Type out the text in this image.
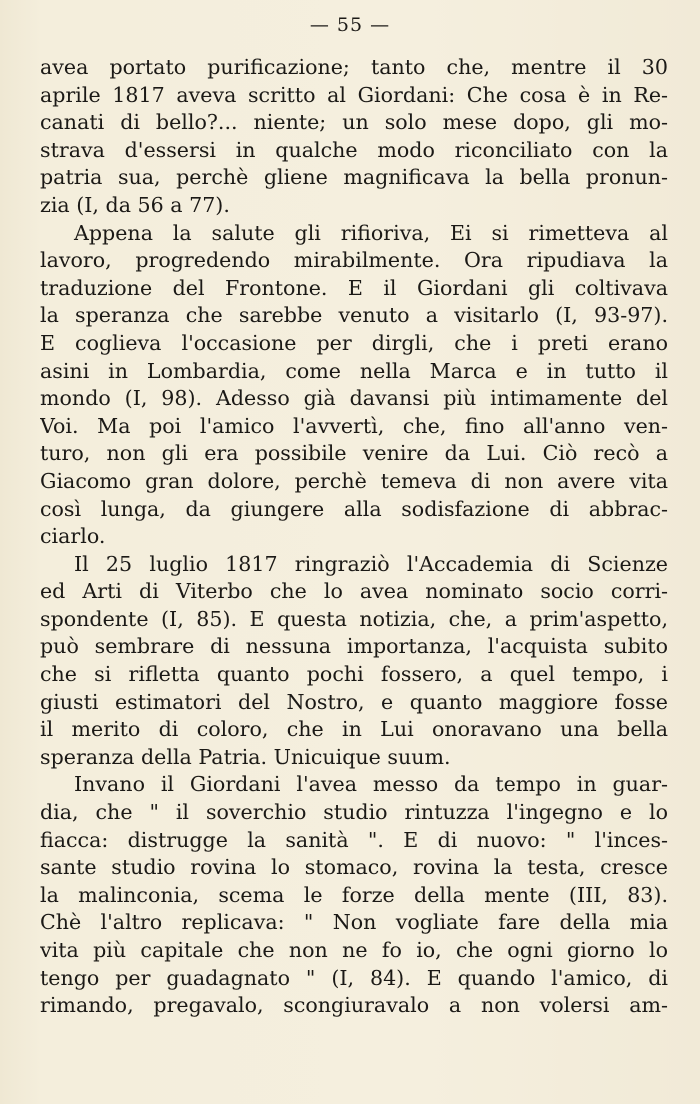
— 55 —
avea portato purificazione; tanto che, mentre il 30
aprile 1817 aveva scritto al Giordani: Che cosa è in Re-
canati di bello?... niente; un solo mese dopo, gli mo-
strava d'essersi in qualche modo riconciliato con la
patria sua, perchè gliene magnificava la bella pronun-
zia (I, da 56 a 77).
Appena la salute gli rifioriva, Ei si rimetteva al
lavoro, progredendo mirabilmente. Ora ripudiava la
traduzione del Frontone. E il Giordani gli coltivava
la speranza che sarebbe venuto a visitarlo (I, 93-97).
E coglieva l'occasione per dirgli, che i preti erano
asini in Lombardia, come nella Marca e in tutto il
mondo (I, 98). Adesso già davansi più intimamente del
Voi. Ma poi l'amico l'avvertì, che, fino all'anno ven-
turo, non gli era possibile venire da Lui. Ciò recò a
Giacomo gran dolore, perchè temeva di non avere vita
così lunga, da giungere alla sodisfazione di abbrac-
ciarlo.
Il 25 luglio 1817 ringraziò l'Accademia di Scienze
ed Arti di Viterbo che lo avea nominato socio corri-
spondente (I, 85). E questa notizia, che, a prim'aspetto,
può sembrare di nessuna importanza, l'acquista subito
che si rifletta quanto pochi fossero, a quel tempo, i
giusti estimatori del Nostro, e quanto maggiore fosse
il merito di coloro, che in Lui onoravano una bella
speranza della Patria. Unicuique suum.
Invano il Giordani l'avea messo da tempo in guar-
dia, che " il soverchio studio rintuzza l'ingegno e lo
fiacca: distrugge la sanità ". E di nuovo: " l'inces-
sante studio rovina lo stomaco, rovina la testa, cresce
la malinconia, scema le forze della mente (III, 83).
Chè l'altro replicava: " Non vogliate fare della mia
vita più capitale che non ne fo io, che ogni giorno lo
tengo per guadagnato " (I, 84). E quando l'amico, di
rimando, pregavalo, scongiuravalo a non volersi am-
